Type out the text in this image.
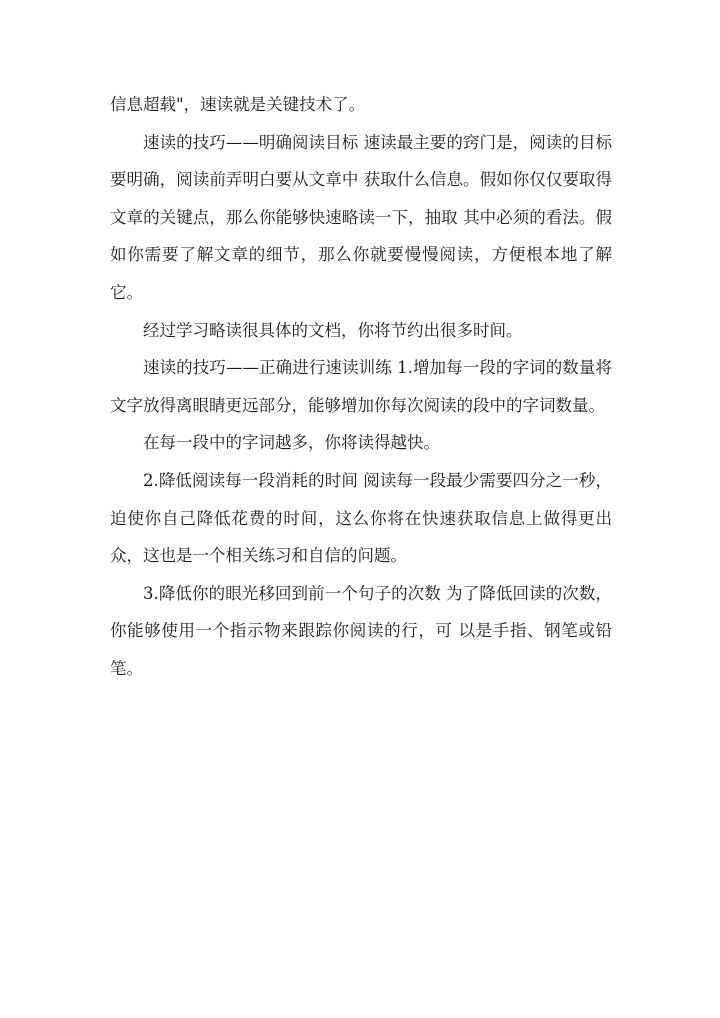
信息超载"，速读就是关键技术了。

速读的技巧——明确阅读目标 速读最主要的窍门是，阅读的目标要明确，阅读前弄明白要从文章中 获取什么信息。假如你仅仅要取得文章的关键点，那么你能够快速略读一下，抽取 其中必须的看法。假如你需要了解文章的细节，那么你就要慢慢阅读，方便根本地了解它。

经过学习略读很具体的文档，你将节约出很多时间。

速读的技巧——正确进行速读训练 1.增加每一段的字词的数量将文字放得离眼睛更远部分，能够增加你每次阅读的段中的字词数量。

在每一段中的字词越多，你将读得越快。

2.降低阅读每一段消耗的时间 阅读每一段最少需要四分之一秒，迫使你自己降低花费的时间，这么你将在快速获取信息上做得更出众，这也是一个相关练习和自信的问题。

3.降低你的眼光移回到前一个句子的次数 为了降低回读的次数，你能够使用一个指示物来跟踪你阅读的行，可 以是手指、钢笔或铅笔。
